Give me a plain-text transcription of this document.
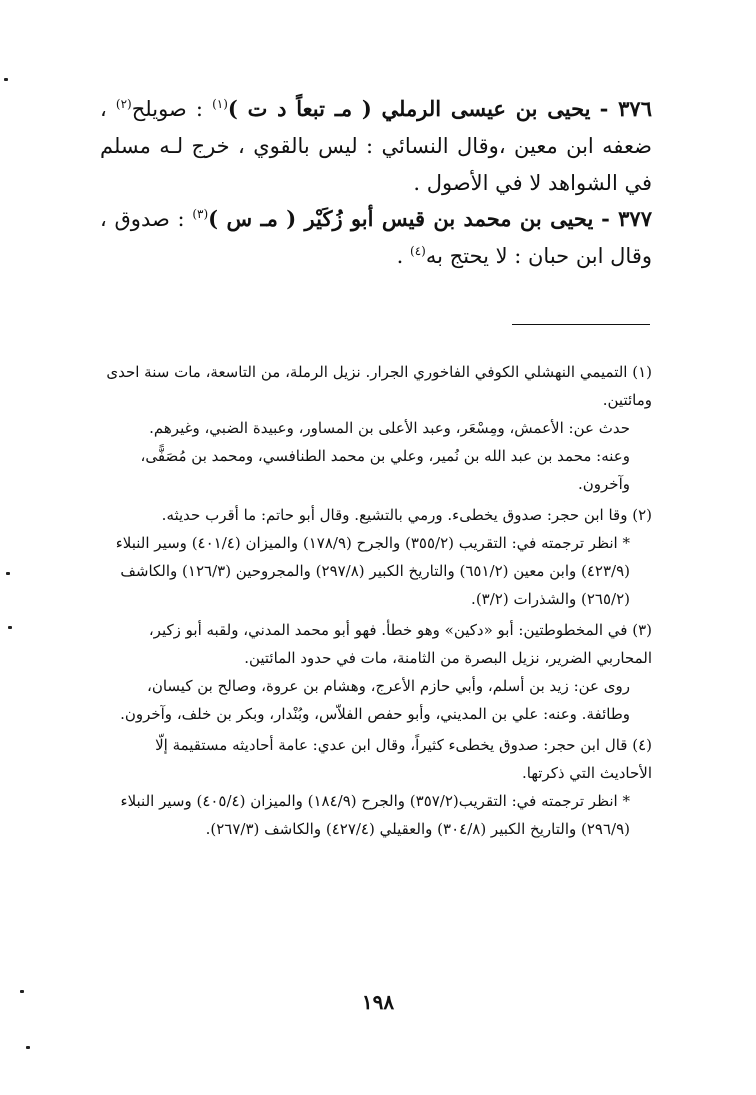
٣٧٦ - يحيى بن عيسى الرملي ( مـ تبعاً د ت )$^{(١)}$ : صويلح$^{(٢)}$ ، ضعفه ابن معين ،وقال النسائي : ليس بالقوي ، خرج لـه مسلم في الشواهد لا في الأصول .
٣٧٧ - يحيى بن محمد بن قيس أبو زُكَيْر ( مـ س )$^{(٣)}$ : صدوق ، وقال ابن حبان : لا يحتج به$^{(٤)}$ .
(١) التميمي النهشلي الكوفي الفاخوري الجرار. نزيل الرملة، من التاسعة، مات سنة احدى ومائتين.
حدث عن: الأعمش، ومِسْعَر، وعبد الأعلى بن المساور، وعبيدة الضبي، وغيرهم.
وعنه: محمد بن عبد الله بن نُمير، وعلي بن محمد الطنافسي، ومحمد بن مُصَفًّى، وآخرون.
(٢) وقا ابن حجر: صدوق يخطىء. ورمي بالتشيع. وقال أبو حاتم: ما أقرب حديثه.
* انظر ترجمته في: التقريب (٣٥٥/٢) والجرح (١٧٨/٩) والميزان (٤٠١/٤) وسير النبلاء (٤٢٣/٩) وابن معين (٦٥١/٢) والتاريخ الكبير (٢٩٧/٨) والمجروحين (١٢٦/٣) والكاشف (٢٦٥/٢) والشذرات (٣/٢).
(٣) في المخطوطتين: أبو «دكين» وهو خطأ. فهو أبو محمد المدني، ولقبه أبو زكير، المحاربي الضرير، نزيل البصرة من الثامنة، مات في حدود المائتين.
روى عن: زيد بن أسلم، وأبي حازم الأعرج، وهشام بن عروة، وصالح بن كيسان، وطائفة. وعنه: علي بن المديني، وأبو حفص الفلاّس، وبُنْدار، وبكر بن خلف، وآخرون.
(٤) قال ابن حجر: صدوق يخطىء كثيراً، وقال ابن عدي: عامة أحاديثه مستقيمة إلّا الأحاديث التي ذكرتها.
* انظر ترجمته في: التقريب(٣٥٧/٢) والجرح (١٨٤/٩) والميزان (٤٠٥/٤) وسير النبلاء (٢٩٦/٩) والتاريخ الكبير (٣٠٤/٨) والعقيلي (٤٢٧/٤) والكاشف (٢٦٧/٣).
١٩٨
